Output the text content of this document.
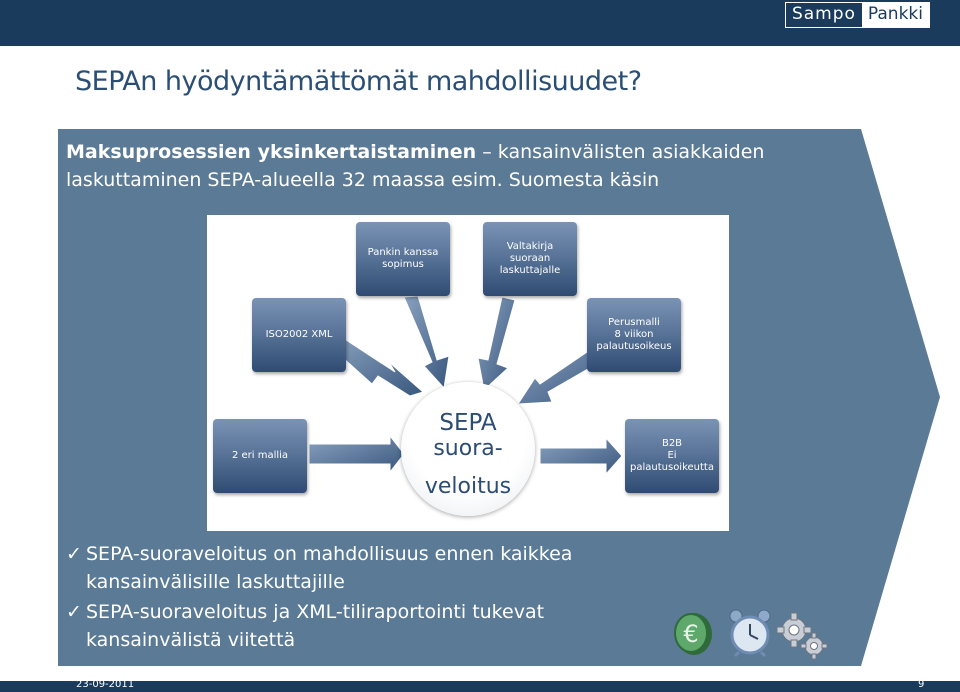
Sampo Pankki
SEPAn hyödyntämättömät mahdollisuudet?
Maksuprosessien yksinkertaistaminen – kansainvälisten asiakkaiden
laskuttaminen SEPA-alueella 32 maassa esim. Suomesta käsin
Pankin kanssa
sopimus
Valtakirja
suoraan
laskuttajalle
ISO2002 XML
Perusmalli
8 viikon
palautusoikeus
2 eri mallia
B2B
Ei
palautusoikeutta
SEPA
suora-
veloitus
✓ SEPA-suoraveloitus on mahdollisuus ennen kaikkea
kansainvälisille laskuttajille
✓ SEPA-suoraveloitus ja XML-tiliraportointi tukevat
kansainvälistä viitettä	€
23-09-2011	9
